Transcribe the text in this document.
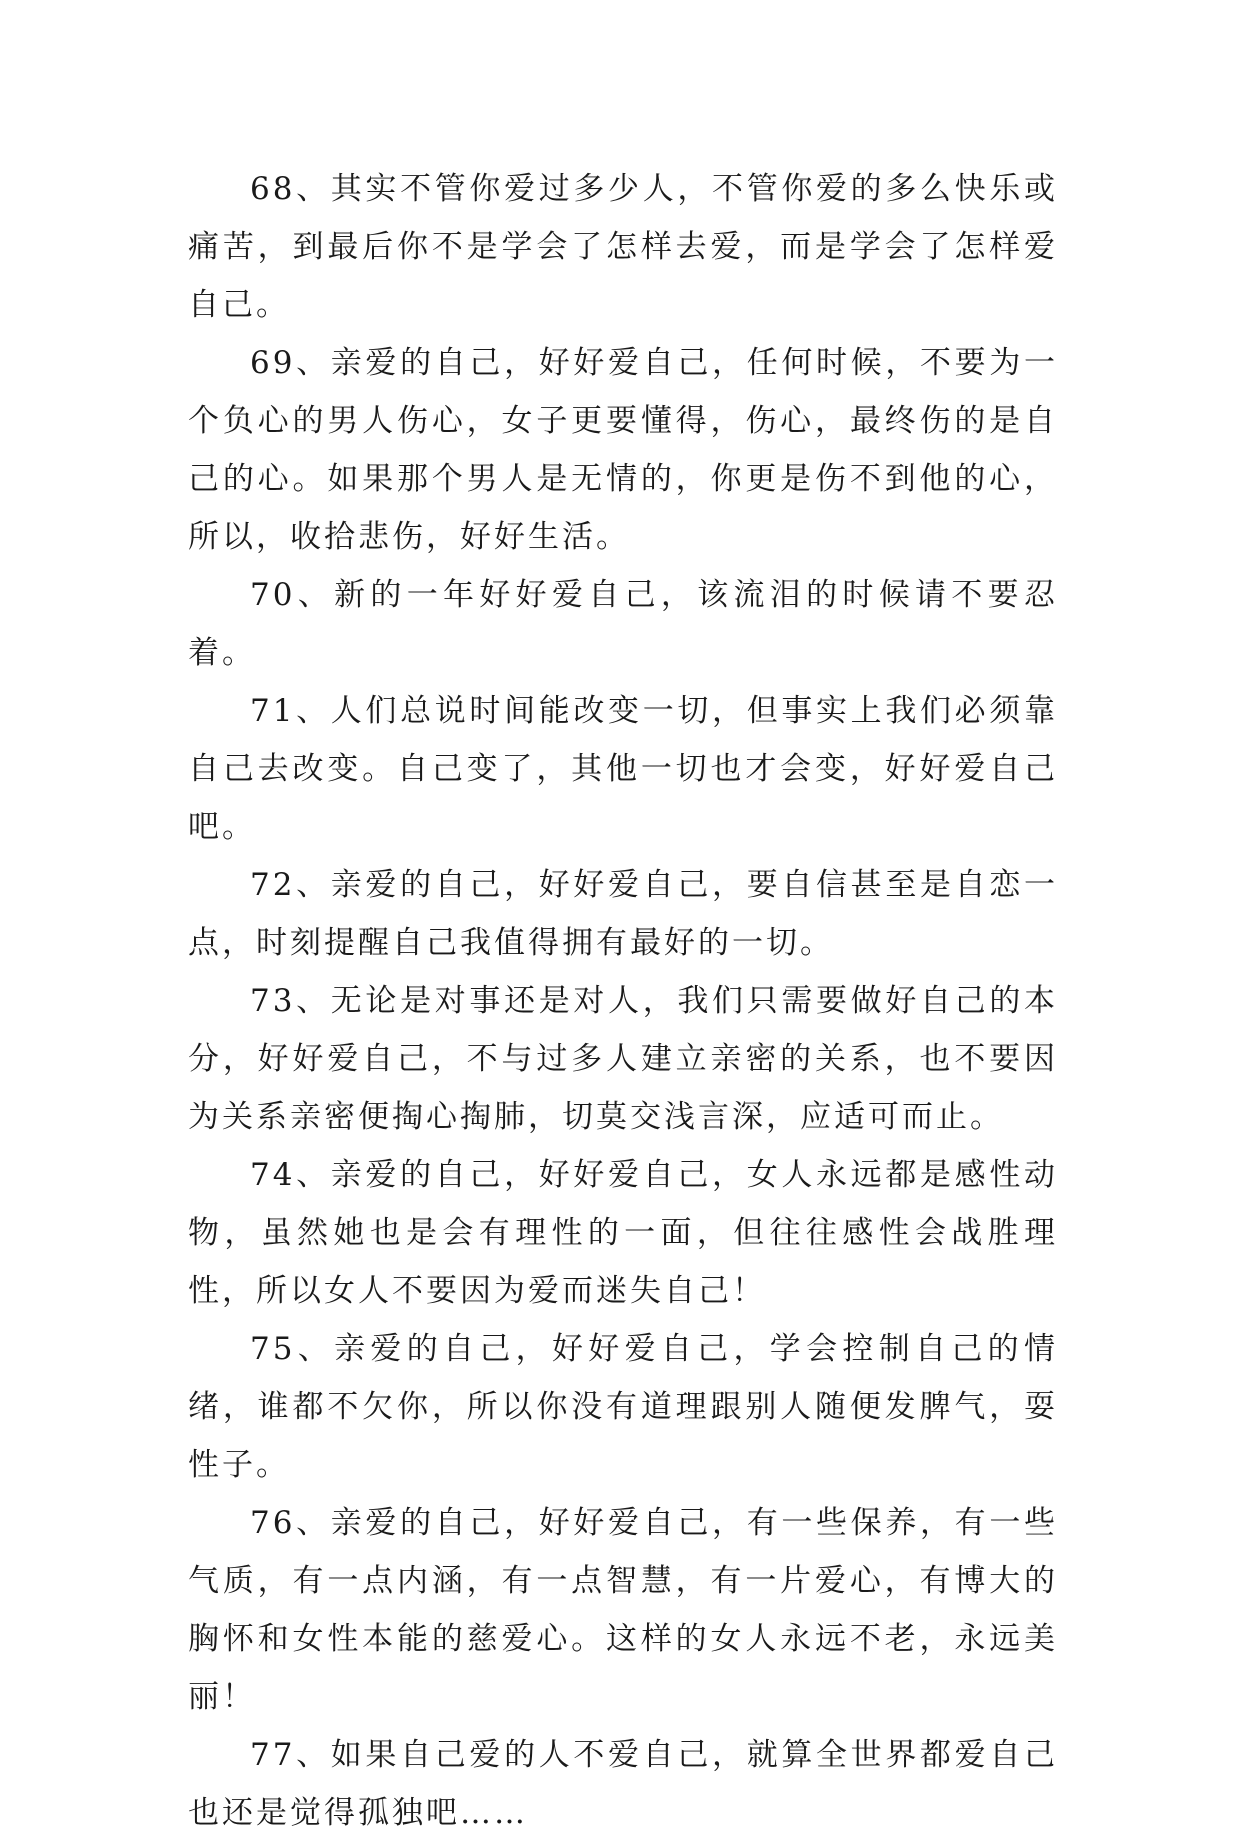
68、其实不管你爱过多少人，不管你爱的多么快乐或痛苦，到最后你不是学会了怎样去爱，而是学会了怎样爱自己。

69、亲爱的自己，好好爱自己，任何时候，不要为一个负心的男人伤心，女子更要懂得，伤心，最终伤的是自己的心。如果那个男人是无情的，你更是伤不到他的心，所以，收拾悲伤，好好生活。

70、新的一年好好爱自己，该流泪的时候请不要忍着。

71、人们总说时间能改变一切，但事实上我们必须靠自己去改变。自己变了，其他一切也才会变，好好爱自己吧。

72、亲爱的自己，好好爱自己，要自信甚至是自恋一点，时刻提醒自己我值得拥有最好的一切。

73、无论是对事还是对人，我们只需要做好自己的本分，好好爱自己，不与过多人建立亲密的关系，也不要因为关系亲密便掏心掏肺，切莫交浅言深，应适可而止。

74、亲爱的自己，好好爱自己，女人永远都是感性动物，虽然她也是会有理性的一面，但往往感性会战胜理性，所以女人不要因为爱而迷失自己！

75、亲爱的自己，好好爱自己，学会控制自己的情绪，谁都不欠你，所以你没有道理跟别人随便发脾气，耍性子。

76、亲爱的自己，好好爱自己，有一些保养，有一些气质，有一点内涵，有一点智慧，有一片爱心，有博大的胸怀和女性本能的慈爱心。这样的女人永远不老，永远美丽！

77、如果自己爱的人不爱自己，就算全世界都爱自己也还是觉得孤独吧……
